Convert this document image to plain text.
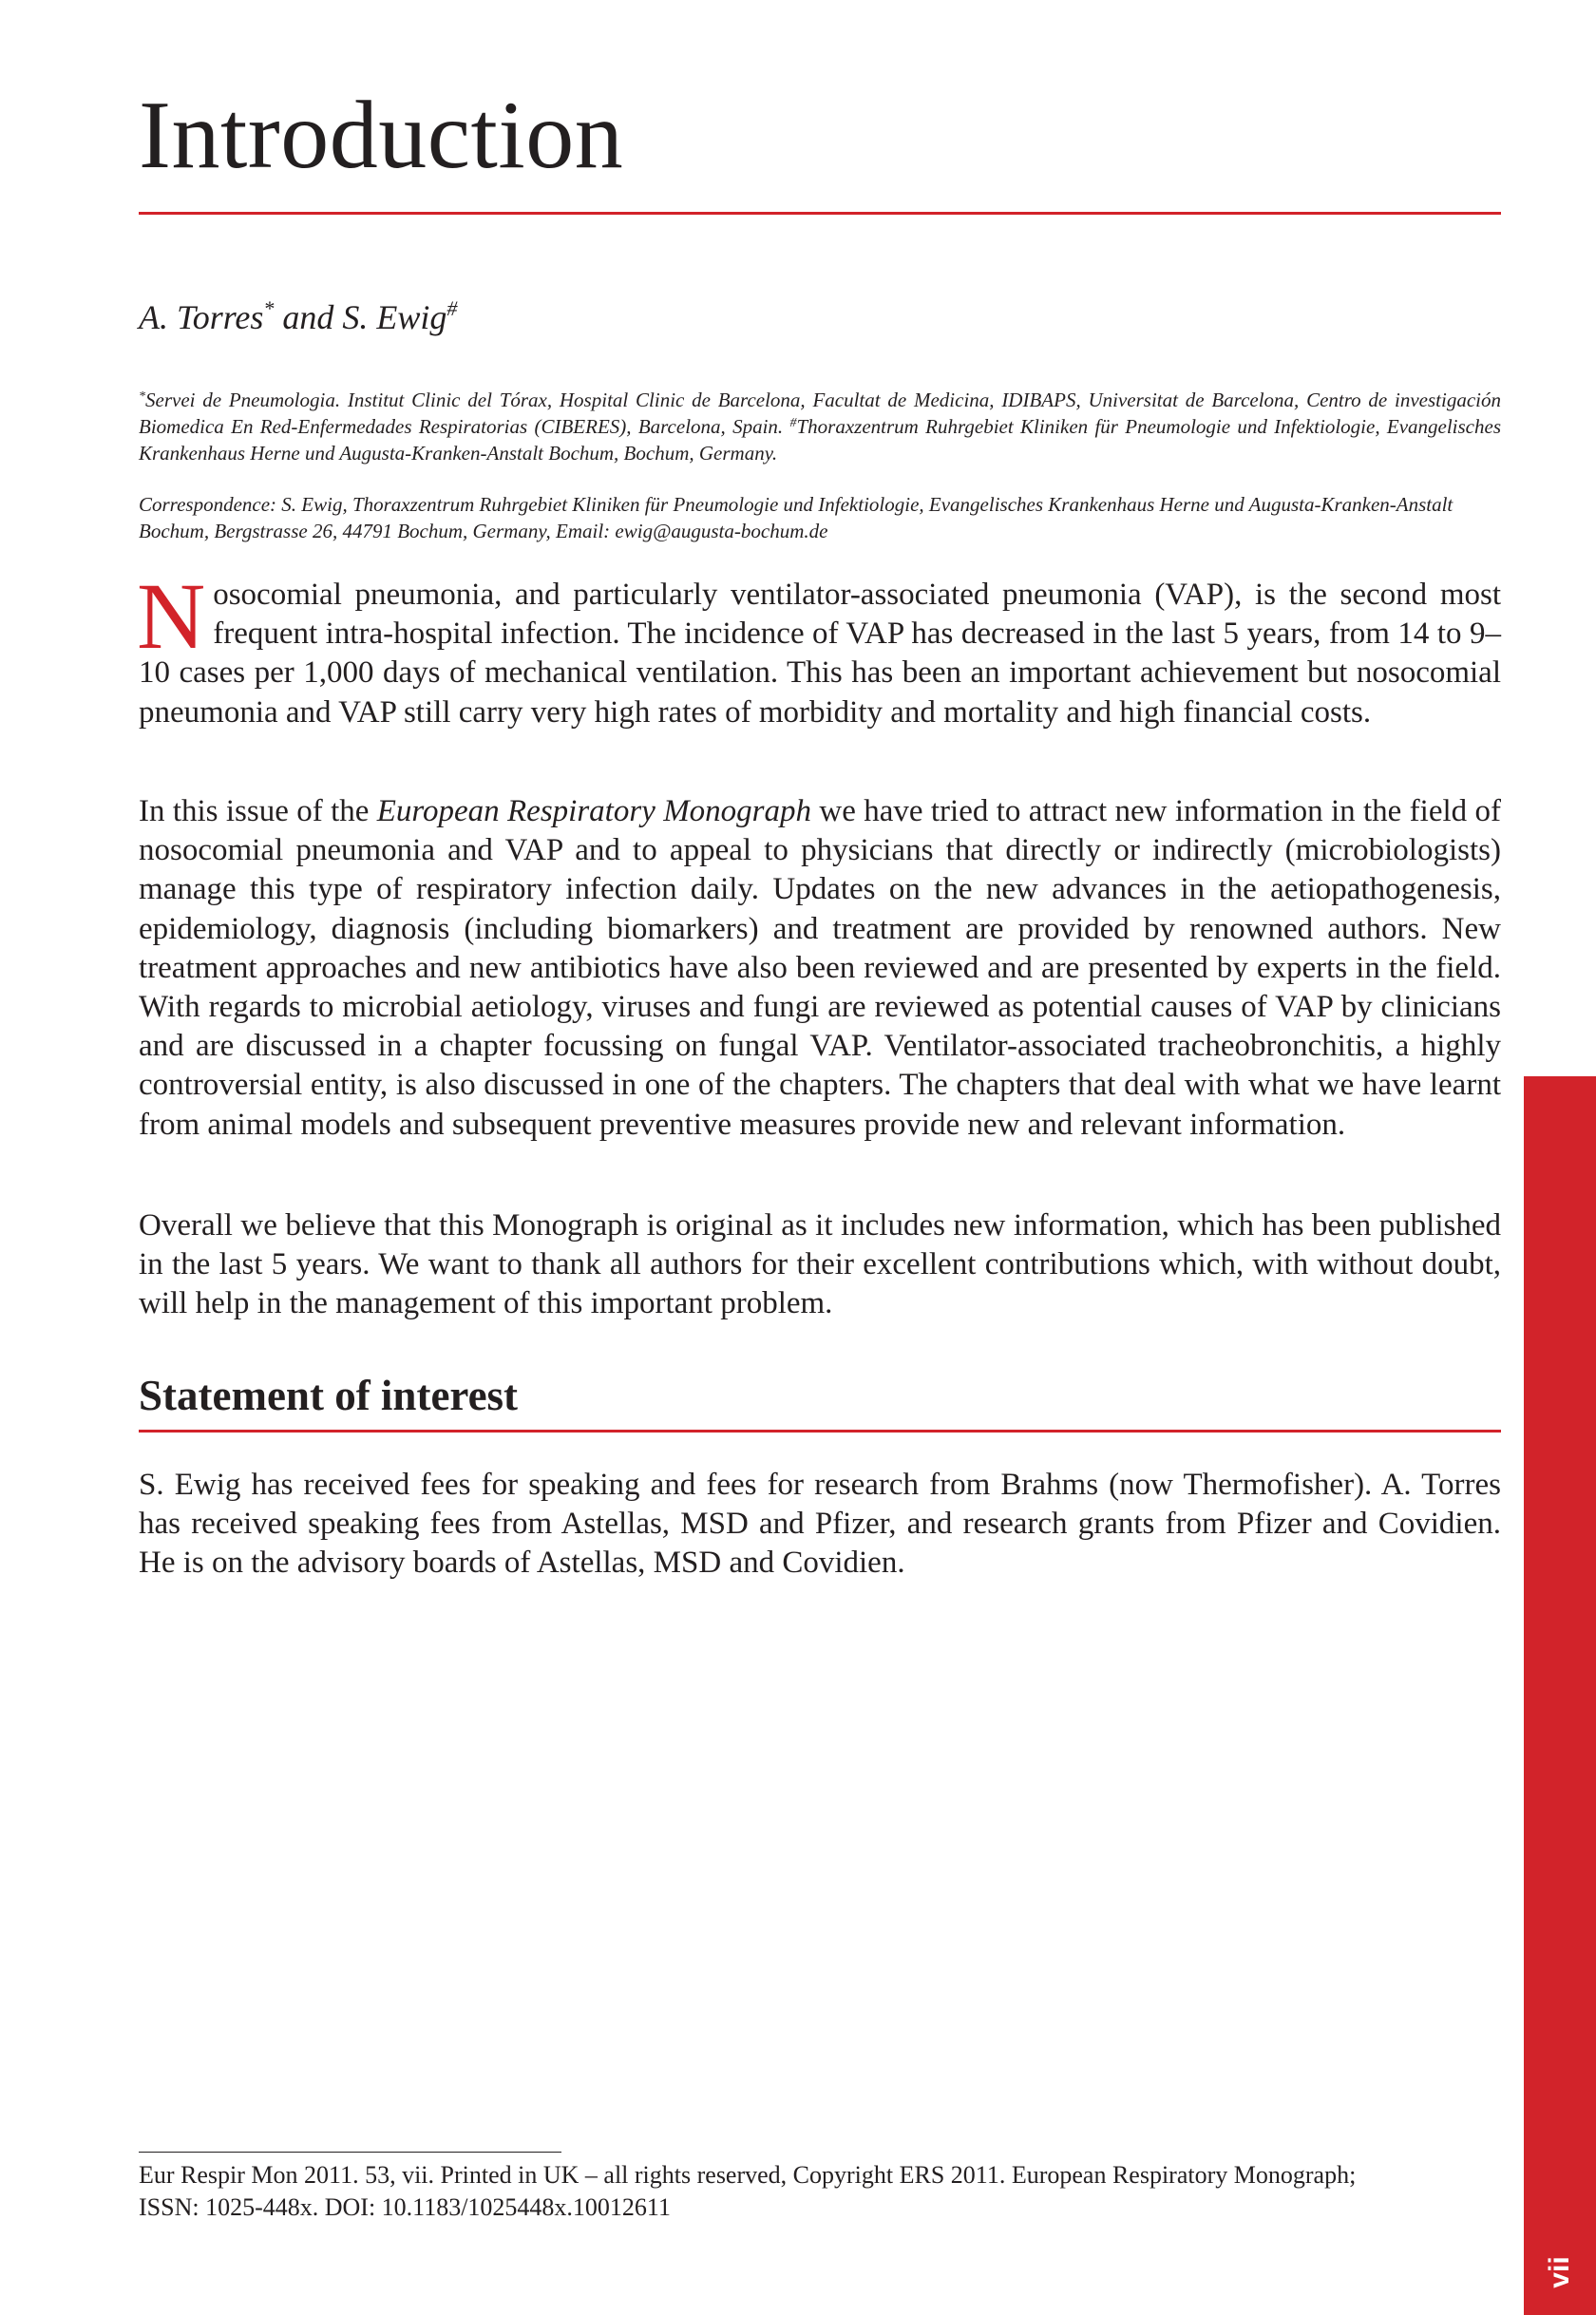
Introduction

A. Torres* and S. Ewig#

*Servei de Pneumologia. Institut Clinic del Tórax, Hospital Clinic de Barcelona, Facultat de Medicina, IDIBAPS, Universitat de Barcelona, Centro de investigación Biomedica En Red-Enfermedades Respiratorias (CIBERES), Barcelona, Spain. #Thoraxzentrum Ruhrgebiet Kliniken für Pneumologie und Infektiologie, Evangelisches Krankenhaus Herne und Augusta-Kranken-Anstalt Bochum, Bochum, Germany.

Correspondence: S. Ewig, Thoraxzentrum Ruhrgebiet Kliniken für Pneumologie und Infektiologie, Evangelisches Krankenhaus Herne und Augusta-Kranken-Anstalt Bochum, Bergstrasse 26, 44791 Bochum, Germany, Email: ewig@augusta-bochum.de

Nosocomial pneumonia, and particularly ventilator-associated pneumonia (VAP), is the second most frequent intra-hospital infection. The incidence of VAP has decreased in the last 5 years, from 14 to 9–10 cases per 1,000 days of mechanical ventilation. This has been an important achievement but nosocomial pneumonia and VAP still carry very high rates of morbidity and mortality and high financial costs.

In this issue of the European Respiratory Monograph we have tried to attract new information in the field of nosocomial pneumonia and VAP and to appeal to physicians that directly or indirectly (microbiologists) manage this type of respiratory infection daily. Updates on the new advances in the aetiopathogenesis, epidemiology, diagnosis (including biomarkers) and treatment are provided by renowned authors. New treatment approaches and new antibiotics have also been reviewed and are presented by experts in the field. With regards to microbial aetiology, viruses and fungi are reviewed as potential causes of VAP by clinicians and are discussed in a chapter focussing on fungal VAP. Ventilator-associated tracheobronchitis, a highly controversial entity, is also discussed in one of the chapters. The chapters that deal with what we have learnt from animal models and subsequent preventive measures provide new and relevant information.

Overall we believe that this Monograph is original as it includes new information, which has been published in the last 5 years. We want to thank all authors for their excellent contributions which, with without doubt, will help in the management of this important problem.

Statement of interest

S. Ewig has received fees for speaking and fees for research from Brahms (now Thermofisher). A. Torres has received speaking fees from Astellas, MSD and Pfizer, and research grants from Pfizer and Covidien. He is on the advisory boards of Astellas, MSD and Covidien.

Eur Respir Mon 2011. 53, vii. Printed in UK – all rights reserved, Copyright ERS 2011. European Respiratory Monograph;
ISSN: 1025-448x. DOI: 10.1183/1025448x.10012611

vii
